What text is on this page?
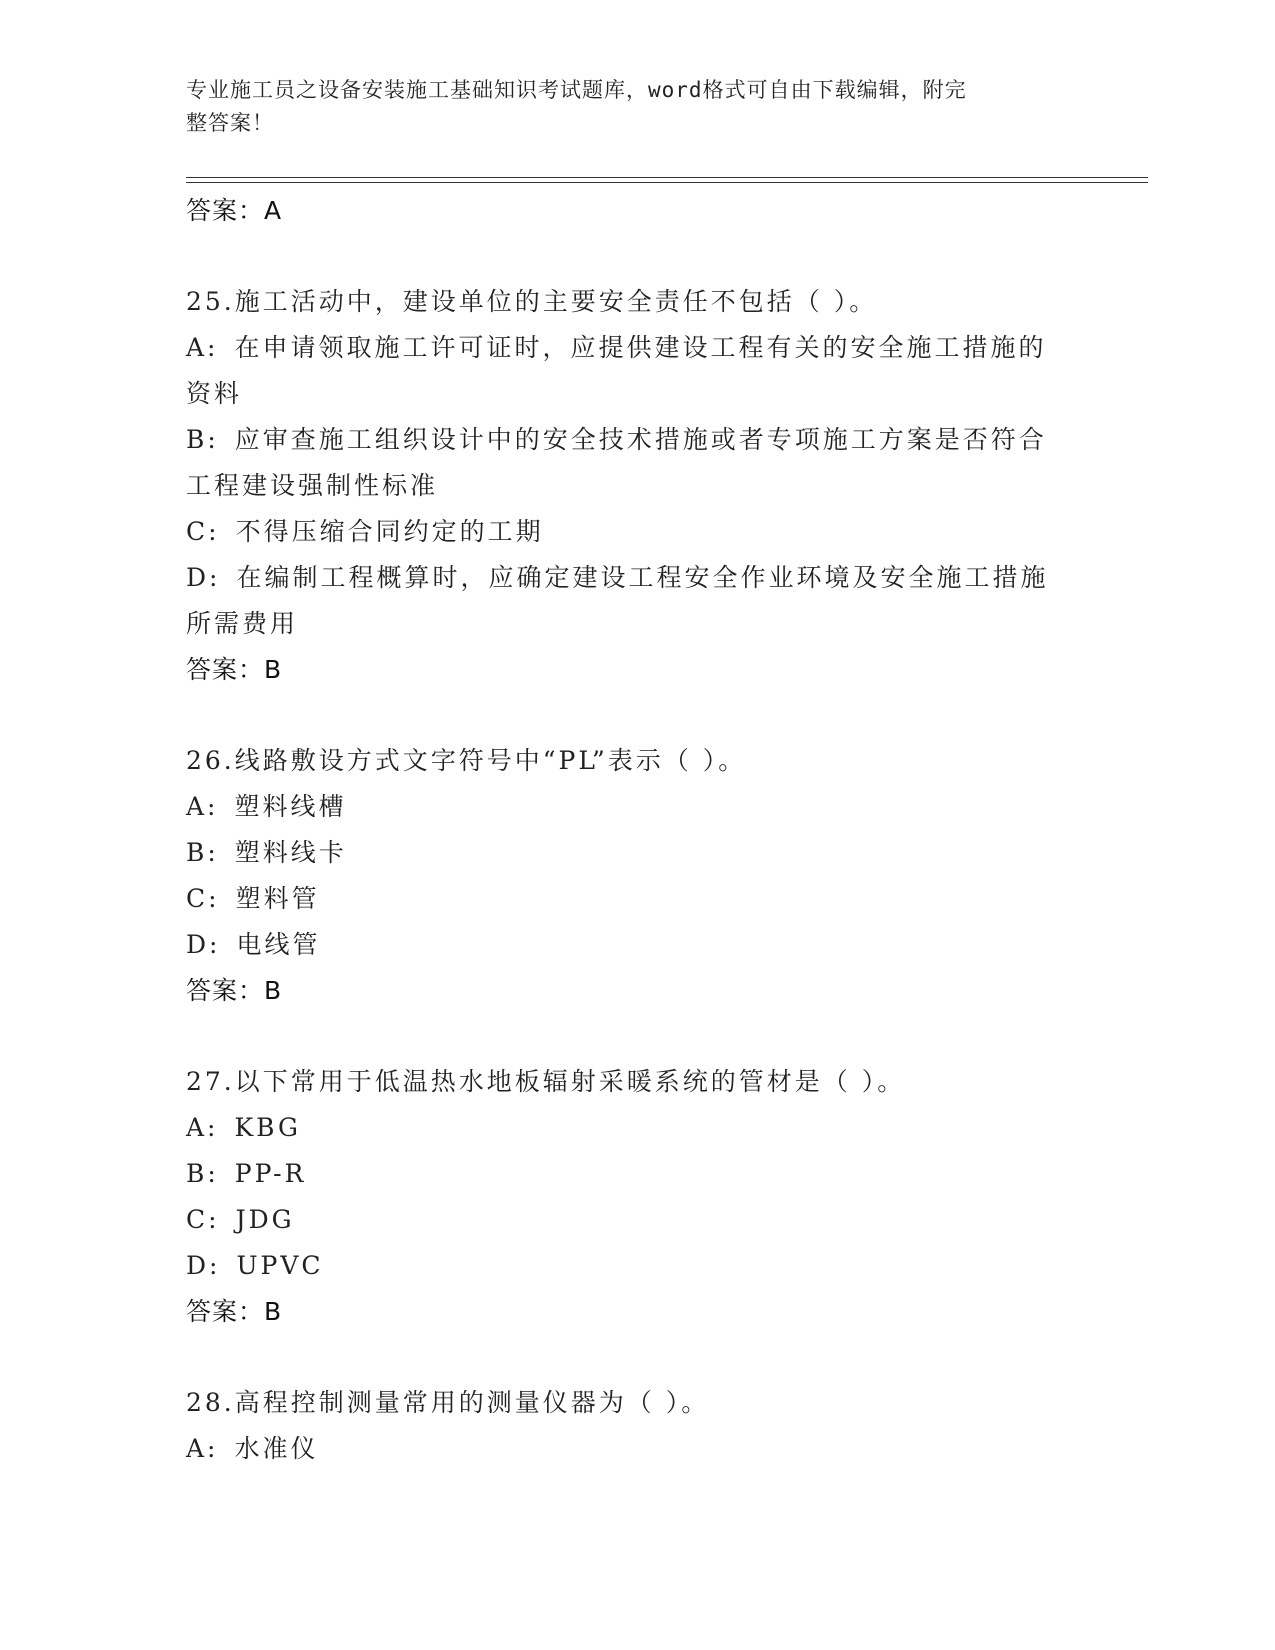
专业施工员之设备安装施工基础知识考试题库，word格式可自由下载编辑，附完
整答案！
答案：A
25.施工活动中，建设单位的主要安全责任不包括（ ）。
A: 在申请领取施工许可证时，应提供建设工程有关的安全施工措施的
资料
B: 应审查施工组织设计中的安全技术措施或者专项施工方案是否符合
工程建设强制性标准
C: 不得压缩合同约定的工期
D: 在编制工程概算时，应确定建设工程安全作业环境及安全施工措施
所需费用
答案：B
26.线路敷设方式文字符号中“PL”表示（ ）。
A: 塑料线槽
B: 塑料线卡
C: 塑料管
D: 电线管
答案：B
27.以下常用于低温热水地板辐射采暖系统的管材是（ ）。
A: KBG
B: PP-R
C: JDG
D: UPVC
答案：B
28.高程控制测量常用的测量仪器为（ ）。
A: 水准仪
